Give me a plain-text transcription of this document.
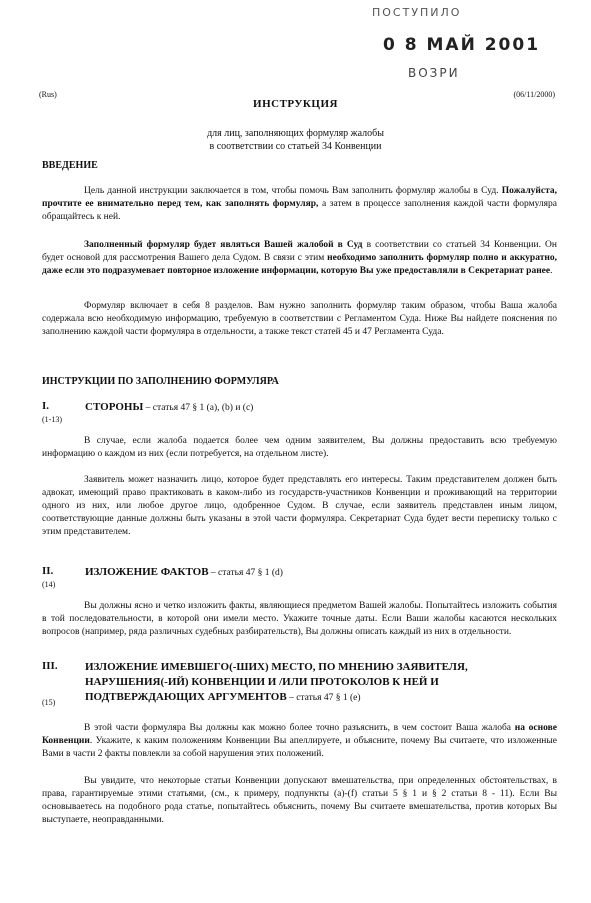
ПОСТУПИЛО
0 8 МАЙ 2001
ВОЗРИ
(Rus)	(06/11/2000)
ИНСТРУКЦИЯ
для лиц, заполняющих формуляр жалобы
в соответствии со статьей 34 Конвенции
ВВЕДЕНИЕ
Цель данной инструкции заключается в том, чтобы помочь Вам заполнить формуляр жалобы в Суд. Пожалуйста, прочтите ее внимательно перед тем, как заполнять формуляр, а затем в процессе заполнения каждой части формуляра обращайтесь к ней.
Заполненный формуляр будет являться Вашей жалобой в Суд в соответствии со статьей 34 Конвенции. Он будет основой для рассмотрения Вашего дела Судом. В связи с этим необходимо заполнить формуляр полно и аккуратно, даже если это подразумевает повторное изложение информации, которую Вы уже предоставляли в Секретариат ранее.
Формуляр включает в себя 8 разделов. Вам нужно заполнить формуляр таким образом, чтобы Ваша жалоба содержала всю необходимую информацию, требуемую в соответствии с Регламентом Суда. Ниже Вы найдете пояснения по заполнению каждой части формуляра в отдельности, а также текст статей 45 и 47 Регламента Суда.
ИНСТРУКЦИИ ПО ЗАПОЛНЕНИЮ ФОРМУЛЯРА
I.
(1-13)
СТОРОНЫ – статья 47 § 1 (a), (b) и (c)
В случае, если жалоба подается более чем одним заявителем, Вы должны предоставить всю требуемую информацию о каждом из них (если потребуется, на отдельном листе).
Заявитель может назначить лицо, которое будет представлять его интересы. Таким представителем должен быть адвокат, имеющий право практиковать в каком-либо из государств-участников Конвенции и проживающий на территории одного из них, или любое другое лицо, одобренное Судом. В случае, если заявитель представлен иным лицом, соответствующие данные должны быть указаны в этой части формуляра. Секретариат Суда будет вести переписку только с этим представителем.
II.
(14)
ИЗЛОЖЕНИЕ ФАКТОВ – статья 47 § 1 (d)
Вы должны ясно и четко изложить факты, являющиеся предметом Вашей жалобы. Попытайтесь изложить события в той последовательности, в которой они имели место. Укажите точные даты. Если Ваши жалобы касаются нескольких вопросов (например, ряда различных судебных разбирательств), Вы должны описать каждый из них в отдельности.
III.
(15)
ИЗЛОЖЕНИЕ ИМЕВШЕГО(-ШИХ) МЕСТО, ПО МНЕНИЮ ЗАЯВИТЕЛЯ, НАРУШЕНИЯ(-ИЙ) КОНВЕНЦИИ И /ИЛИ ПРОТОКОЛОВ К НЕЙ И ПОДТВЕРЖДАЮЩИХ АРГУМЕНТОВ – статья 47 § 1 (e)
В этой части формуляра Вы должны как можно более точно разъяснить, в чем состоит Ваша жалоба на основе Конвенции. Укажите, к каким положениям Конвенции Вы апеллируете, и объясните, почему Вы считаете, что изложенные Вами в части 2 факты повлекли за собой нарушения этих положений.
Вы увидите, что некоторые статьи Конвенции допускают вмешательства, при определенных обстоятельствах, в права, гарантируемые этими статьями, (см., к примеру, подпункты (а)-(f) статьи 5 § 1 и § 2 статьи 8 - 11). Если Вы основываетесь на подобного рода статье, попытайтесь объяснить, почему Вы считаете вмешательства, против которых Вы выступаете, неоправданными.
